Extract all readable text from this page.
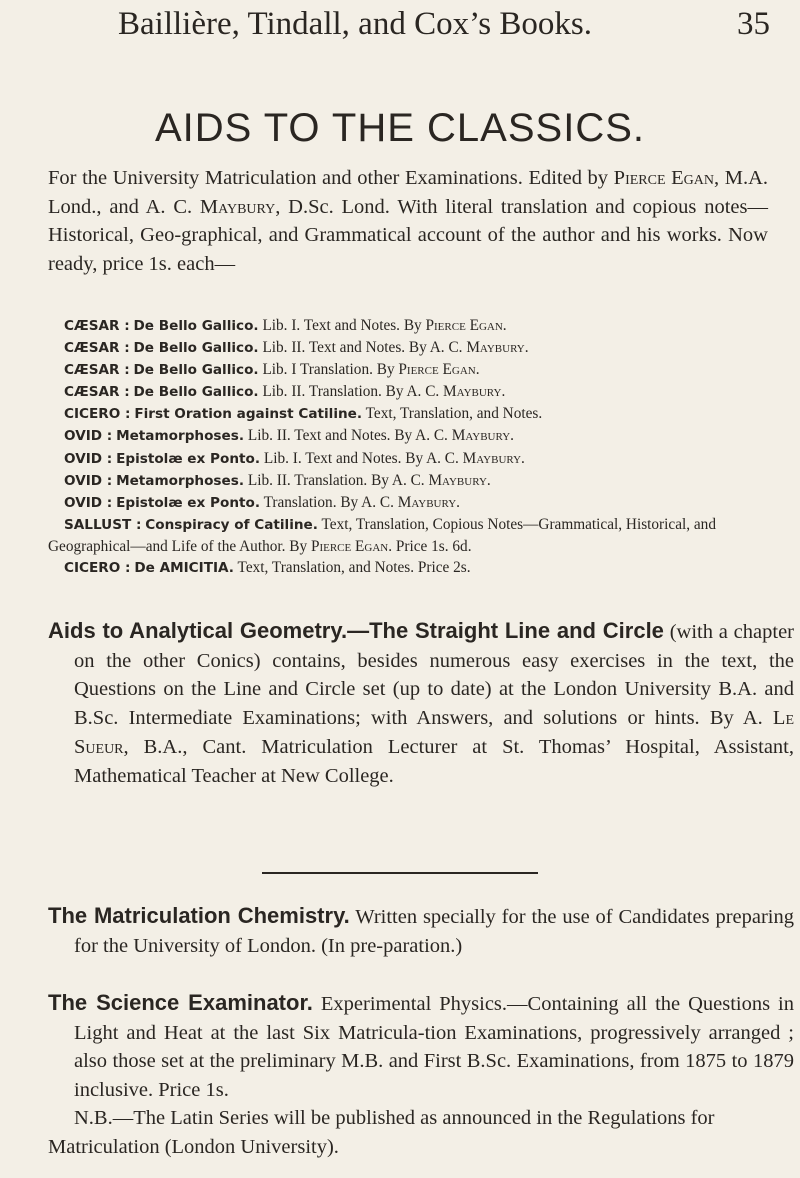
Baillière, Tindall, and Cox’s Books.	35
AIDS TO THE CLASSICS.
For the University Matriculation and other Examinations. Edited by Pierce Egan, M.A. Lond., and A. C. Maybury, D.Sc. Lond. With literal translation and copious notes—Historical, Geo-graphical, and Grammatical account of the author and his works. Now ready, price 1s. each—
CÆSAR : De Bello Gallico. Lib. I. Text and Notes. By Pierce Egan.
CÆSAR : De Bello Gallico. Lib. II. Text and Notes. By A. C. Maybury.
CÆSAR : De Bello Gallico. Lib. I Translation. By Pierce Egan.
CÆSAR : De Bello Gallico. Lib. II. Translation. By A. C. Maybury.
CICERO : First Oration against Catiline. Text, Translation, and Notes.
OVID : Metamorphoses. Lib. II. Text and Notes. By A. C. Maybury.
OVID : Epistolæ ex Ponto. Lib. I. Text and Notes. By A. C. Maybury.
OVID : Metamorphoses. Lib. II. Translation. By A. C. Maybury.
OVID : Epistolæ ex Ponto. Translation. By A. C. Maybury.
SALLUST : Conspiracy of Catiline. Text, Translation, Copious Notes—Grammatical, Historical, and Geographical—and Life of the Author. By Pierce Egan. Price 1s. 6d.
CICERO : De AMICITIA. Text, Translation, and Notes. Price 2s.
Aids to Analytical Geometry.—The Straight Line and Circle (with a chapter on the other Conics) contains, besides numerous easy exercises in the text, the Questions on the Line and Circle set (up to date) at the London University B.A. and B.Sc. Intermediate Examinations; with Answers, and solutions or hints. By A. Le Sueur, B.A., Cant. Matriculation Lecturer at St. Thomas’ Hospital, Assistant, Mathematical Teacher at New College.
The Matriculation Chemistry. Written specially for the use of Candidates preparing for the University of London. (In pre-paration.)
The Science Examinator. Experimental Physics.—Containing all the Questions in Light and Heat at the last Six Matricula-tion Examinations, progressively arranged ; also those set at the preliminary M.B. and First B.Sc. Examinations, from 1875 to 1879 inclusive. Price 1s.
N.B.—The Latin Series will be published as announced in the Regulations for Matriculation (London University).
